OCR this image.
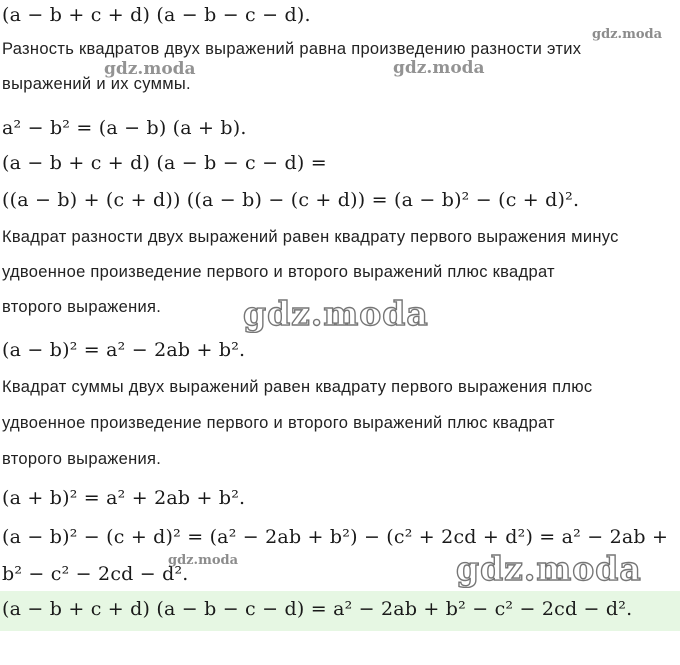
(a − b + c + d) (a − b − c − d).
Разность квадратов двух выражений равна произведению разности этих
выражений и их суммы.
a² − b² = (a − b) (a + b).
(a − b + c + d) (a − b − c − d) =
((a − b) + (c + d)) ((a − b) − (c + d)) = (a − b)² − (c + d)².
Квадрат разности двух выражений равен квадрату первого выражения минус
удвоенное произведение первого и второго выражений плюс квадрат
второго выражения.
(a − b)² = a² − 2ab + b².
Квадрат суммы двух выражений равен квадрату первого выражения плюс
удвоенное произведение первого и второго выражений плюс квадрат
второго выражения.
(a + b)² = a² + 2ab + b².
(a − b)² − (c + d)² = (a² − 2ab + b²) − (c² + 2cd + d²) = a² − 2ab +
b² − c² − 2cd − d².
(a − b + c + d) (a − b − c − d) = a² − 2ab + b² − c² − 2cd − d².
gdz.moda
gdz.moda	gdz.moda
gdz.moda
gdz.moda	gdz.moda
